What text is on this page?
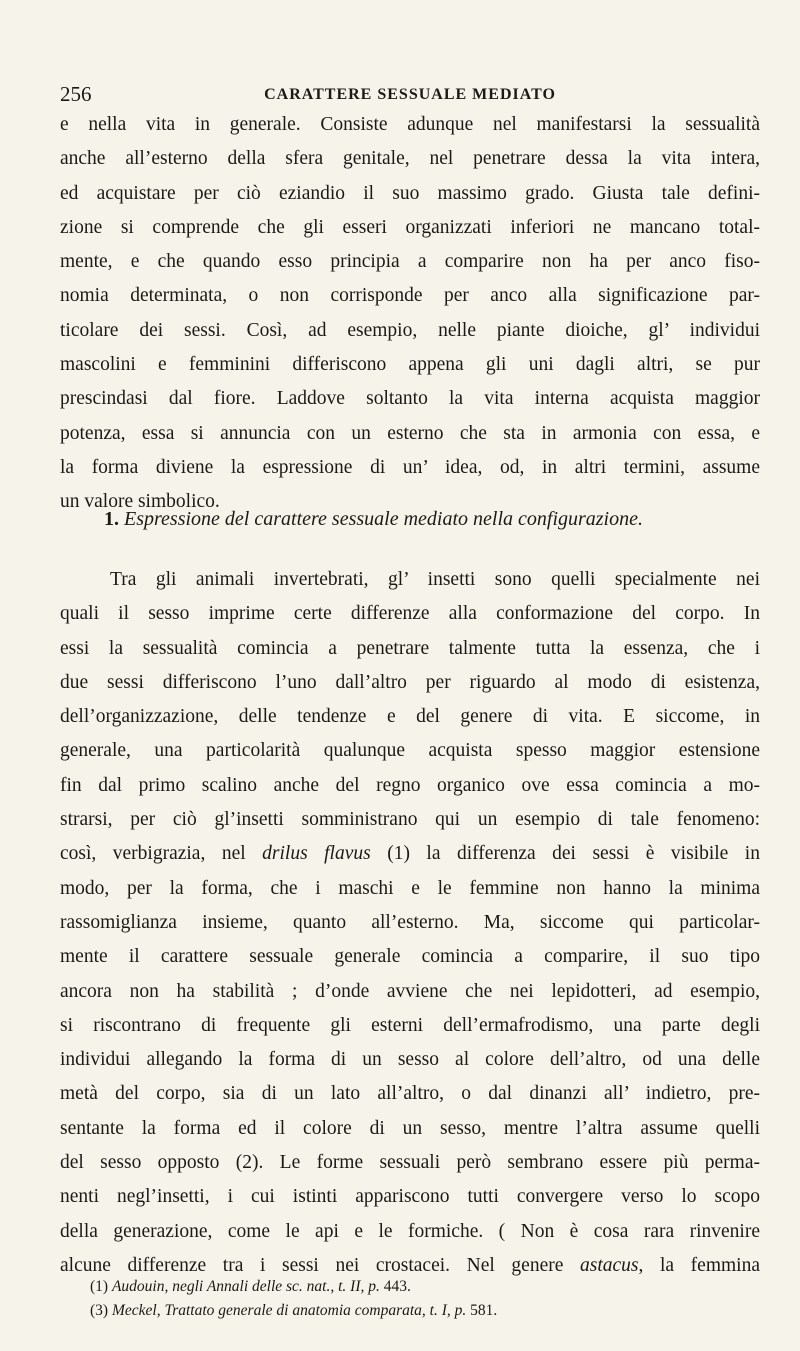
256	CARATTERE SESSUALE MEDIATO
e nella vita in generale. Consiste adunque nel manifestarsi la sessualità
anche all’esterno della sfera genitale, nel penetrare dessa la vita intera,
ed acquistare per ciò eziandio il suo massimo grado. Giusta tale defini-
zione si comprende che gli esseri organizzati inferiori ne mancano total-
mente, e che quando esso principia a comparire non ha per anco fiso-
nomia determinata, o non corrisponde per anco alla significazione par-
ticolare dei sessi. Così, ad esempio, nelle piante dioiche, gl’ individui
mascolini e femminini differiscono appena gli uni dagli altri, se pur
prescindasi dal fiore. Laddove soltanto la vita interna acquista maggior
potenza, essa si annuncia con un esterno che sta in armonia con essa, e
la forma diviene la espressione di un’ idea, od, in altri termini, assume
un valore simbolico.
1. Espressione del carattere sessuale mediato nella configurazione.
Tra gli animali invertebrati, gl’ insetti sono quelli specialmente nei
quali il sesso imprime certe differenze alla conformazione del corpo. In
essi la sessualità comincia a penetrare talmente tutta la essenza, che i
due sessi differiscono l’uno dall’altro per riguardo al modo di esistenza,
dell’organizzazione, delle tendenze e del genere di vita. E siccome, in
generale, una particolarità qualunque acquista spesso maggior estensione
fin dal primo scalino anche del regno organico ove essa comincia a mo-
strarsi, per ciò gl’insetti somministrano qui un esempio di tale fenomeno:
così, verbigrazia, nel drilus flavus (1) la differenza dei sessi è visibile in
modo, per la forma, che i maschi e le femmine non hanno la minima
rassomiglianza insieme, quanto all’esterno. Ma, siccome qui particolar-
mente il carattere sessuale generale comincia a comparire, il suo tipo
ancora non ha stabilità ; d’onde avviene che nei lepidotteri, ad esempio,
si riscontrano di frequente gli esterni dell’ermafrodismo, una parte degli
individui allegando la forma di un sesso al colore dell’altro, od una delle
metà del corpo, sia di un lato all’altro, o dal dinanzi all’ indietro, pre-
sentante la forma ed il colore di un sesso, mentre l’altra assume quelli
del sesso opposto (2). Le forme sessuali però sembrano essere più perma-
nenti negl’insetti, i cui istinti appariscono tutti convergere verso lo scopo
della generazione, come le api e le formiche. ( Non è cosa rara rinvenire
alcune differenze tra i sessi nei crostacei. Nel genere astacus, la femmina
(1) Audouin, negli Annali delle sc. nat., t. II, p. 443.
(3) Meckel, Trattato generale di anatomia comparata, t. I, p. 581.
